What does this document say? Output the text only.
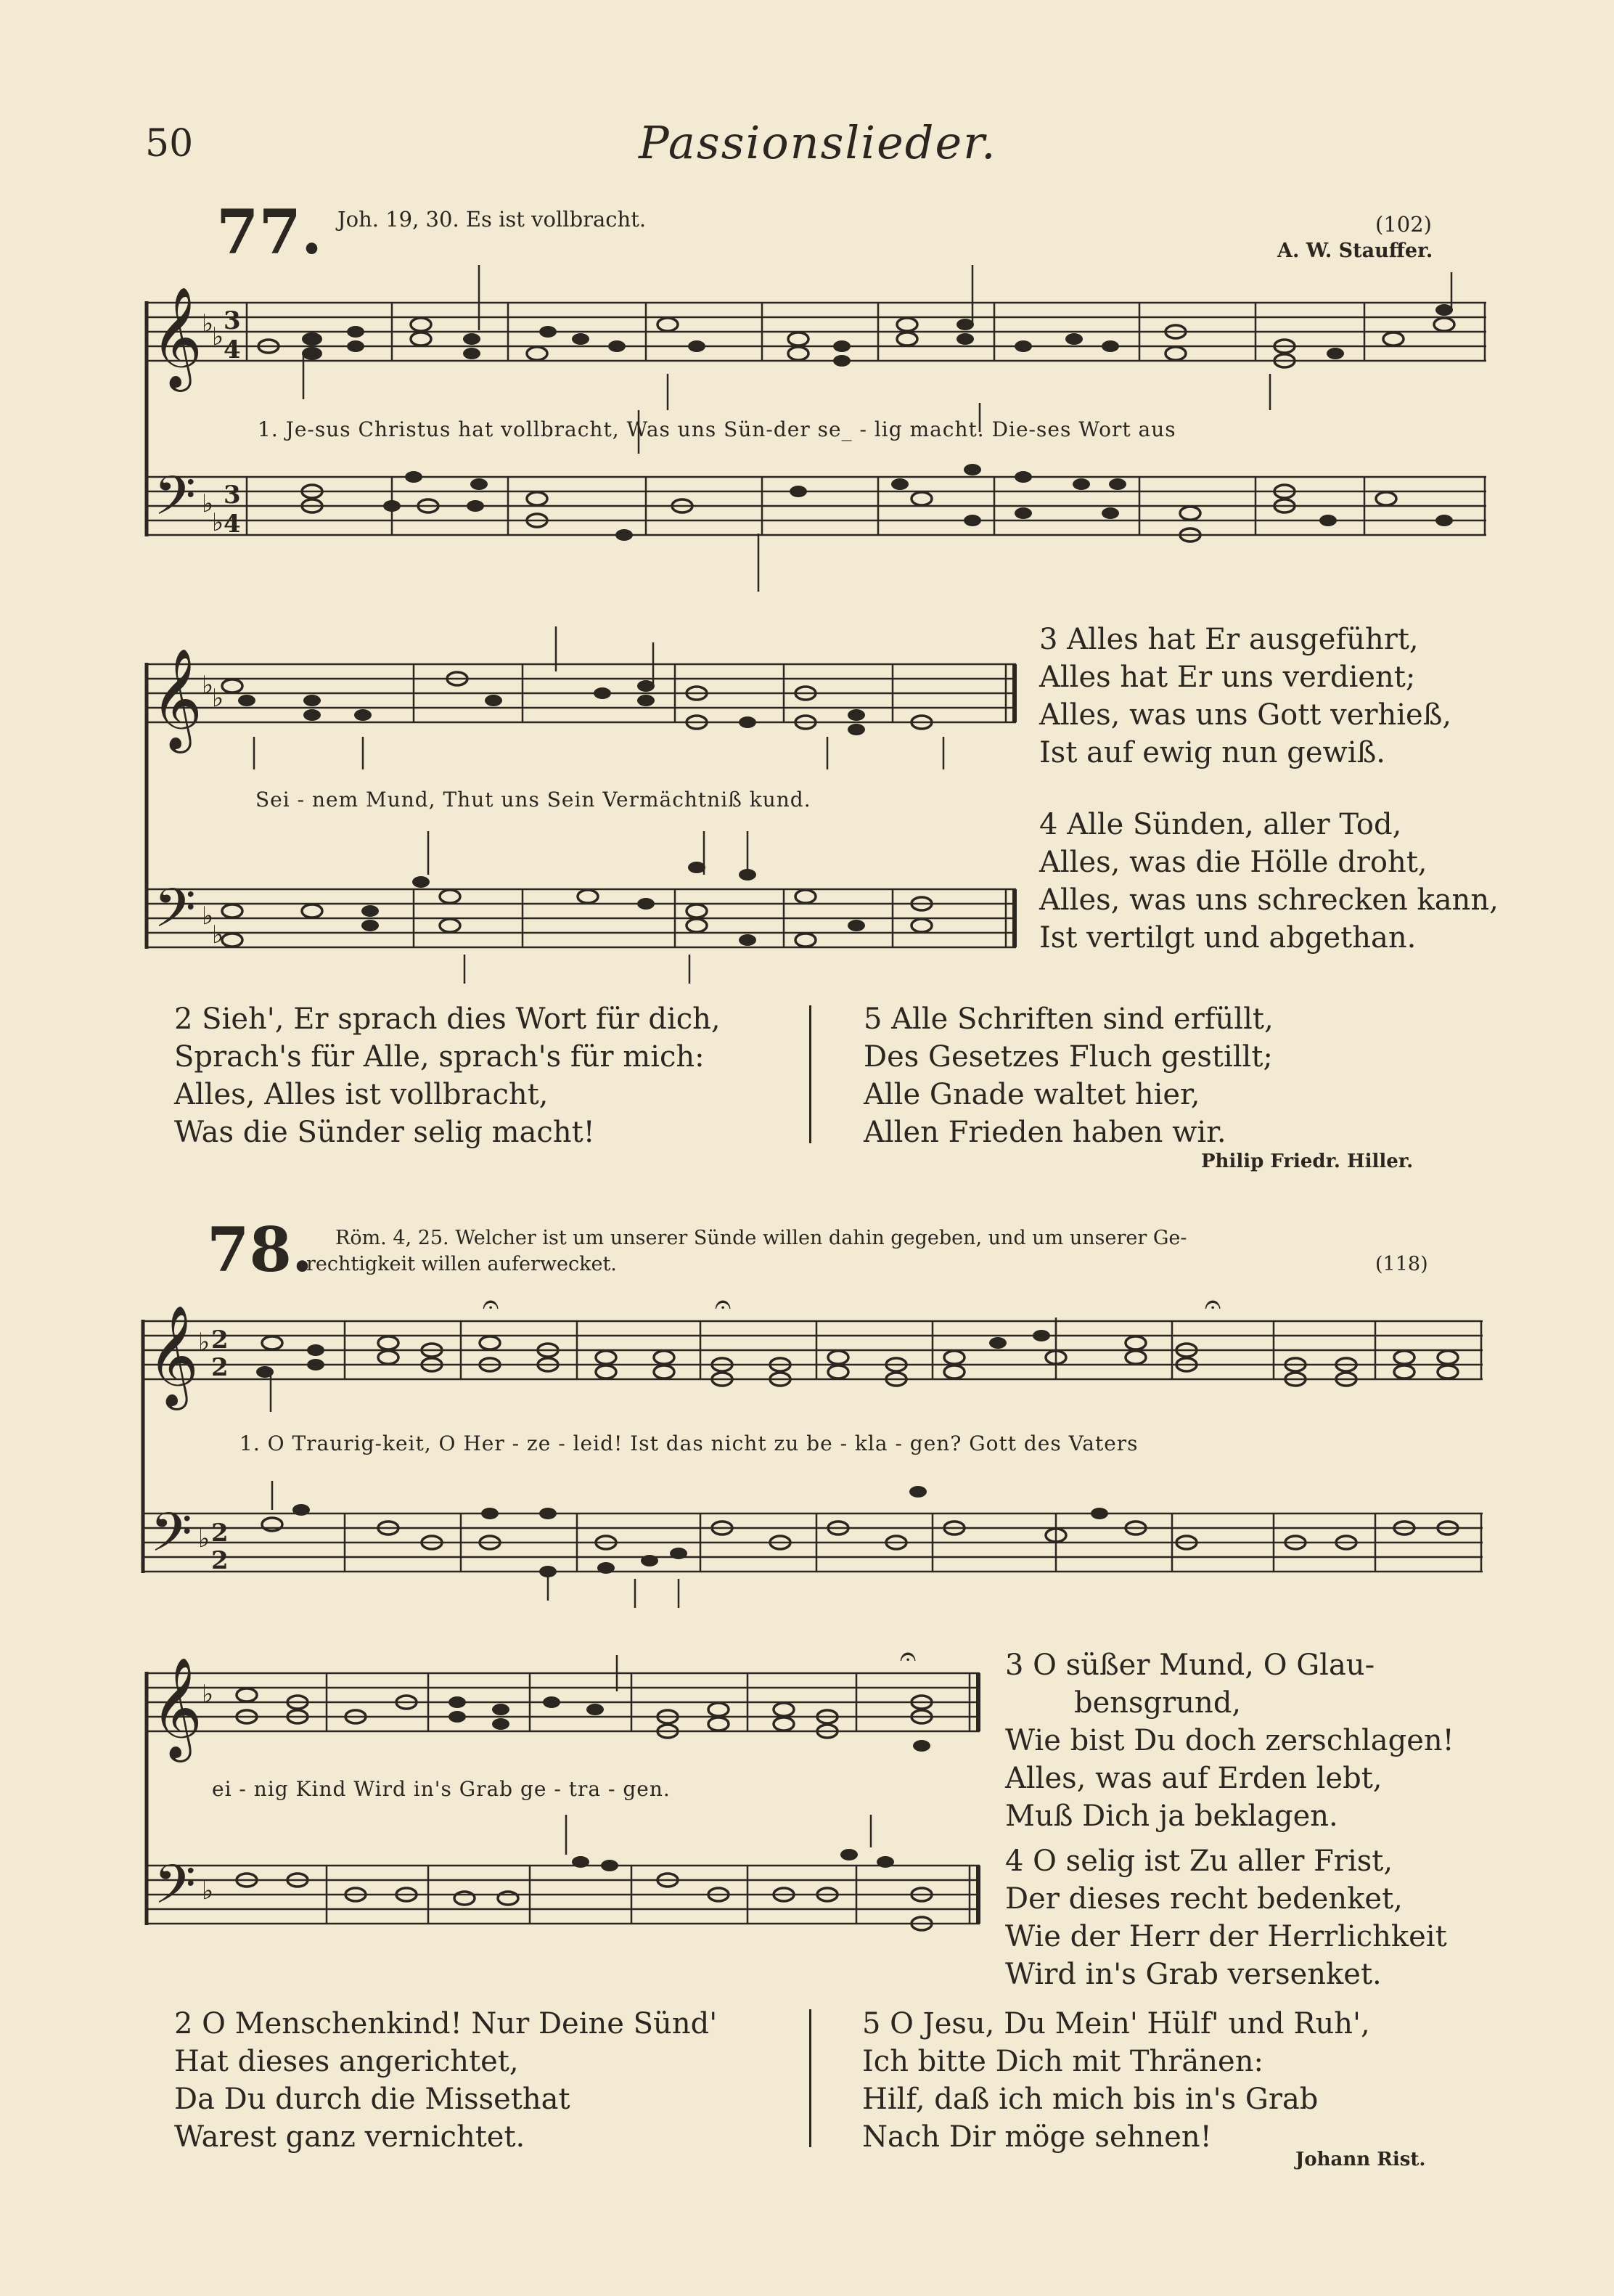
50	Passionslieder.
77. Joh. 19, 30. Es ist vollbracht.	(102)
A. W. Stauffer.
𝄞
𝄢
♭
♭
3
4
♭
♭
3
4
1. Je-sus Christus hat vollbracht, Was uns Sün-der se_ - lig macht. Die-ses Wort aus
𝄞
𝄢
♭
♭
♭
♭
Sei - nem Mund, Thut uns Sein Vermächtniß kund.
3 Alles hat Er ausgeführt,
Alles hat Er uns verdient;
Alles, was uns Gott verhieß,
Ist auf ewig nun gewiß.
4 Alle Sünden, aller Tod,
Alles, was die Hölle droht,
Alles, was uns schrecken kann,
Ist vertilgt und abgethan.
2 Sieh', Er sprach dies Wort für dich,
Sprach's für Alle, sprach's für mich:
Alles, Alles ist vollbracht,
Was die Sünder selig macht!
5 Alle Schriften sind erfüllt,
Des Gesetzes Fluch gestillt;
Alle Gnade waltet hier,
Allen Frieden haben wir.
Philip Friedr. Hiller.
78. Röm. 4, 25. Welcher ist um unserer Sünde willen dahin gegeben, und um unserer Ge-
rechtigkeit willen auferwecket.	(118)
𝄞
𝄢
♭ 2
2
♭ 2
2
𝄐	𝄐	𝄐
1. O Traurig-keit, O Her - ze - leid! Ist das nicht zu be - kla - gen? Gott des Vaters
𝄞
𝄢
♭
♭
𝄐
ei - nig Kind Wird in's Grab ge - tra - gen.
3 O süßer Mund, O Glau-
bensgrund,
Wie bist Du doch zerschlagen!
Alles, was auf Erden lebt,
Muß Dich ja beklagen.
4 O selig ist Zu aller Frist,
Der dieses recht bedenket,
Wie der Herr der Herrlichkeit
Wird in's Grab versenket.
2 O Menschenkind! Nur Deine Sünd'
Hat dieses angerichtet,
Da Du durch die Missethat
Warest ganz vernichtet.
5 O Jesu, Du Mein' Hülf' und Ruh',
Ich bitte Dich mit Thränen:
Hilf, daß ich mich bis in's Grab
Nach Dir möge sehnen!
Johann Rist.
